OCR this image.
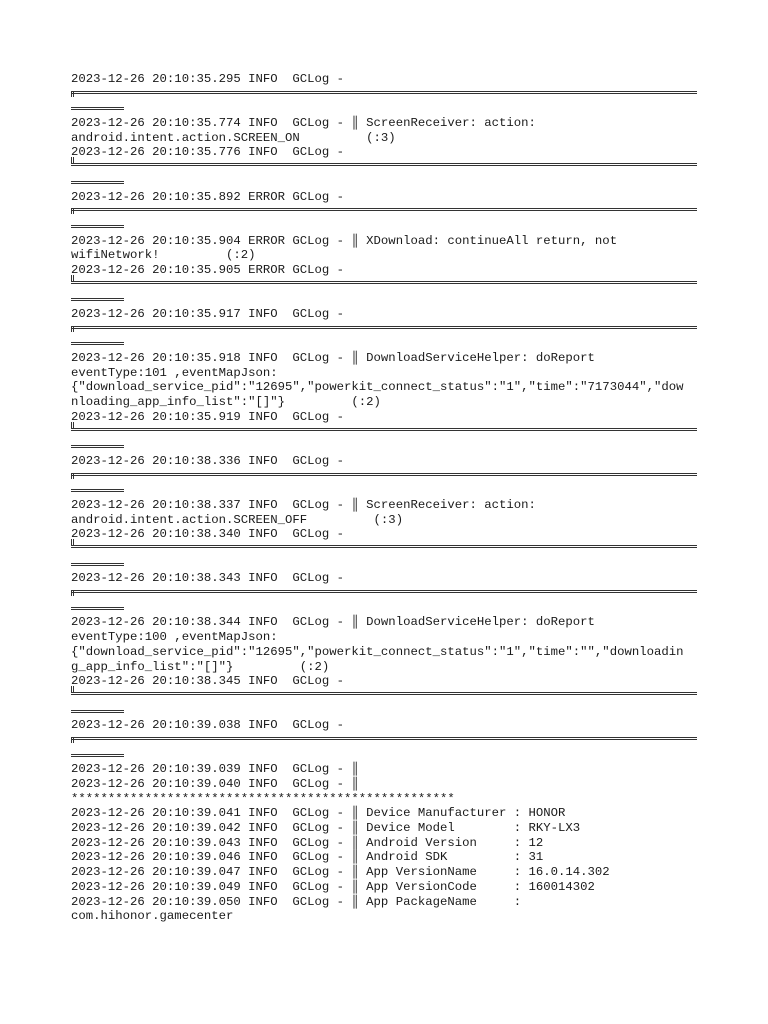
2023-12-26 20:10:35.295 INFO  GCLog -
2023-12-26 20:10:35.774 INFO  GCLog - ║ ScreenReceiver: action:
android.intent.action.SCREEN_ON         (:3)
2023-12-26 20:10:35.776 INFO  GCLog -
2023-12-26 20:10:35.892 ERROR GCLog -
2023-12-26 20:10:35.904 ERROR GCLog - ║ XDownload: continueAll return, not
wifiNetwork!         (:2)
2023-12-26 20:10:35.905 ERROR GCLog -
2023-12-26 20:10:35.917 INFO  GCLog -
2023-12-26 20:10:35.918 INFO  GCLog - ║ DownloadServiceHelper: doReport
eventType:101 ,eventMapJson:
{"download_service_pid":"12695","powerkit_connect_status":"1","time":"7173044","dow
nloading_app_info_list":"[]"}         (:2)
2023-12-26 20:10:35.919 INFO  GCLog -
2023-12-26 20:10:38.336 INFO  GCLog -
2023-12-26 20:10:38.337 INFO  GCLog - ║ ScreenReceiver: action:
android.intent.action.SCREEN_OFF         (:3)
2023-12-26 20:10:38.340 INFO  GCLog -
2023-12-26 20:10:38.343 INFO  GCLog -
2023-12-26 20:10:38.344 INFO  GCLog - ║ DownloadServiceHelper: doReport
eventType:100 ,eventMapJson:
{"download_service_pid":"12695","powerkit_connect_status":"1","time":"","downloadin
g_app_info_list":"[]"}         (:2)
2023-12-26 20:10:38.345 INFO  GCLog -
2023-12-26 20:10:39.038 INFO  GCLog -
2023-12-26 20:10:39.039 INFO  GCLog - ║
2023-12-26 20:10:39.040 INFO  GCLog - ║
****************************************************
2023-12-26 20:10:39.041 INFO  GCLog - ║ Device Manufacturer : HONOR
2023-12-26 20:10:39.042 INFO  GCLog - ║ Device Model        : RKY-LX3
2023-12-26 20:10:39.043 INFO  GCLog - ║ Android Version     : 12
2023-12-26 20:10:39.046 INFO  GCLog - ║ Android SDK         : 31
2023-12-26 20:10:39.047 INFO  GCLog - ║ App VersionName     : 16.0.14.302
2023-12-26 20:10:39.049 INFO  GCLog - ║ App VersionCode     : 160014302
2023-12-26 20:10:39.050 INFO  GCLog - ║ App PackageName     :
com.hihonor.gamecenter
